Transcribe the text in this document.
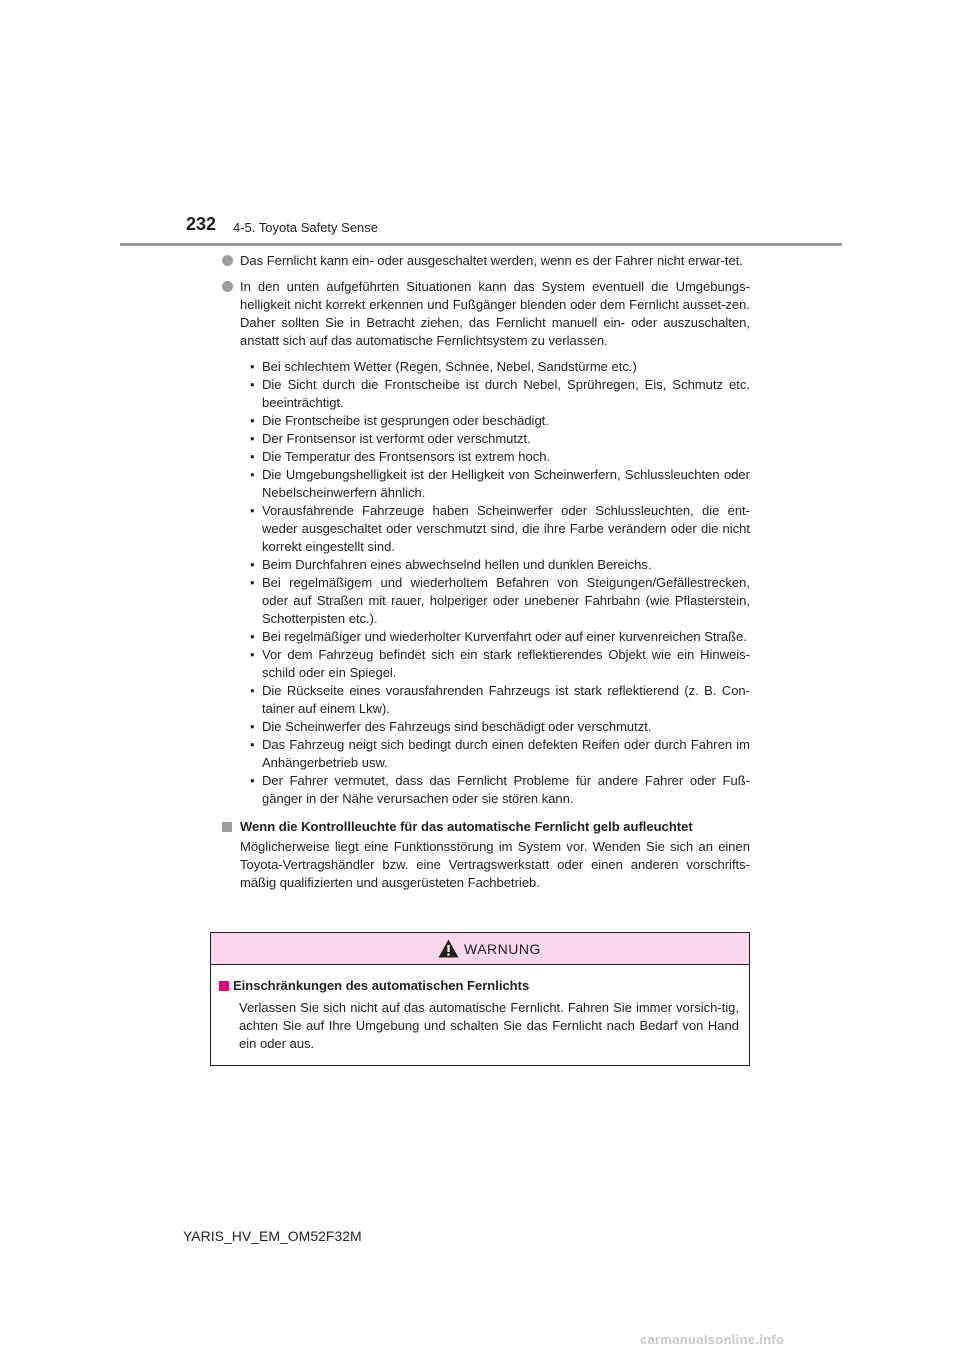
232 4-5. Toyota Safety Sense
Das Fernlicht kann ein- oder ausgeschaltet werden, wenn es der Fahrer nicht erwar-tet.
In den unten aufgeführten Situationen kann das System eventuell die Umgebungs-helligkeit nicht korrekt erkennen und Fußgänger blenden oder dem Fernlicht ausset-zen. Daher sollten Sie in Betracht ziehen, das Fernlicht manuell ein- oder auszuschalten, anstatt sich auf das automatische Fernlichtsystem zu verlassen.
• Bei schlechtem Wetter (Regen, Schnee, Nebel, Sandstürme etc.)
• Die Sicht durch die Frontscheibe ist durch Nebel, Sprühregen, Eis, Schmutz etc. beeinträchtigt.
• Die Frontscheibe ist gesprungen oder beschädigt.
• Der Frontsensor ist verformt oder verschmutzt.
• Die Temperatur des Frontsensors ist extrem hoch.
• Die Umgebungshelligkeit ist der Helligkeit von Scheinwerfern, Schlussleuchten oder Nebelscheinwerfern ähnlich.
• Vorausfahrende Fahrzeuge haben Scheinwerfer oder Schlussleuchten, die ent-weder ausgeschaltet oder verschmutzt sind, die ihre Farbe verändern oder die nicht korrekt eingestellt sind.
• Beim Durchfahren eines abwechselnd hellen und dunklen Bereichs.
• Bei regelmäßigem und wiederholtem Befahren von Steigungen/Gefällestrecken, oder auf Straßen mit rauer, holperiger oder unebener Fahrbahn (wie Pflasterstein, Schotterpisten etc.).
• Bei regelmäßiger und wiederholter Kurvenfahrt oder auf einer kurvenreichen Straße.
• Vor dem Fahrzeug befindet sich ein stark reflektierendes Objekt wie ein Hinweis-schild oder ein Spiegel.
• Die Rückseite eines vorausfahrenden Fahrzeugs ist stark reflektierend (z. B. Con-tainer auf einem Lkw).
• Die Scheinwerfer des Fahrzeugs sind beschädigt oder verschmutzt.
• Das Fahrzeug neigt sich bedingt durch einen defekten Reifen oder durch Fahren im Anhängerbetrieb usw.
• Der Fahrer vermutet, dass das Fernlicht Probleme für andere Fahrer oder Fuß-gänger in der Nähe verursachen oder sie stören kann.
Wenn die Kontrollleuchte für das automatische Fernlicht gelb aufleuchtet
Möglicherweise liegt eine Funktionsstörung im System vor. Wenden Sie sich an einen Toyota-Vertragshändler bzw. eine Vertragswerkstatt oder einen anderen vorschrifts-mäßig qualifizierten und ausgerüsteten Fachbetrieb.
WARNUNG
Einschränkungen des automatischen Fernlichts
Verlassen Sie sich nicht auf das automatische Fernlicht. Fahren Sie immer vorsich-tig, achten Sie auf Ihre Umgebung und schalten Sie das Fernlicht nach Bedarf von Hand ein oder aus.
YARIS_HV_EM_OM52F32M
carmanualsonline.info
